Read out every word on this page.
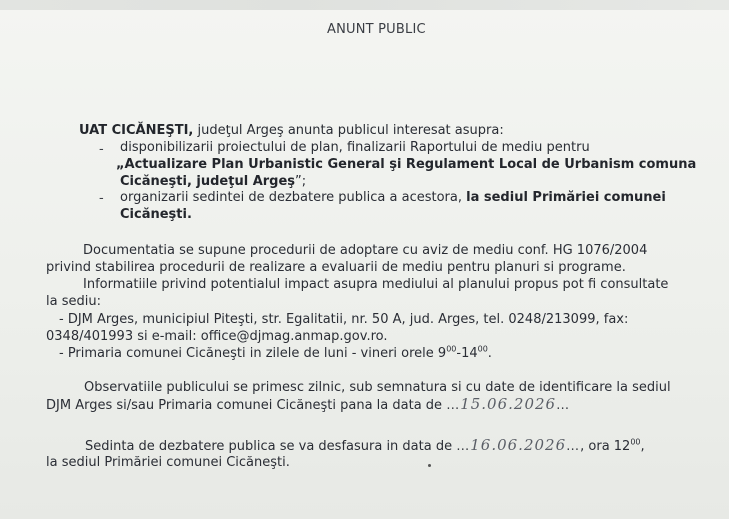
ANUNT PUBLIC
UAT CICĂNEŞTI, judeţul Argeş anunta publicul interesat asupra:
- disponibilizarii proiectului de plan, finalizarii Raportului de mediu pentru
„Actualizare Plan Urbanistic General şi Regulament Local de Urbanism comuna
Cicăneşti, judeţul Argeş”;
- organizarii sedintei de dezbatere publica a acestora, la sediul Primăriei comunei
Cicăneşti.
Documentatia se supune procedurii de adoptare cu aviz de mediu conf. HG 1076/2004
privind stabilirea procedurii de realizare a evaluarii de mediu pentru planuri si programe.
Informatiile privind potentialul impact asupra mediului al planului propus pot fi consultate
la sediu:
- DJM Arges, municipiul Piteşti, str. Egalitatii, nr. 50 A, jud. Arges, tel. 0248/213099, fax:
0348/401993 si e-mail: office@djmag.anmap.gov.ro.
- Primaria comunei Cicăneşti in zilele de luni - vineri orele $9^{00}-14^{00}$.
Observatiile publicului se primesc zilnic, sub semnatura si cu date de identificare la sediul
DJM Arges si/sau Primaria comunei Cicăneşti pana la data de …15.06.2026…
Sedinta de dezbatere publica se va desfasura in data de …16.06.2026…, ora $12^{00}$,
la sediul Primăriei comunei Cicăneşti.
